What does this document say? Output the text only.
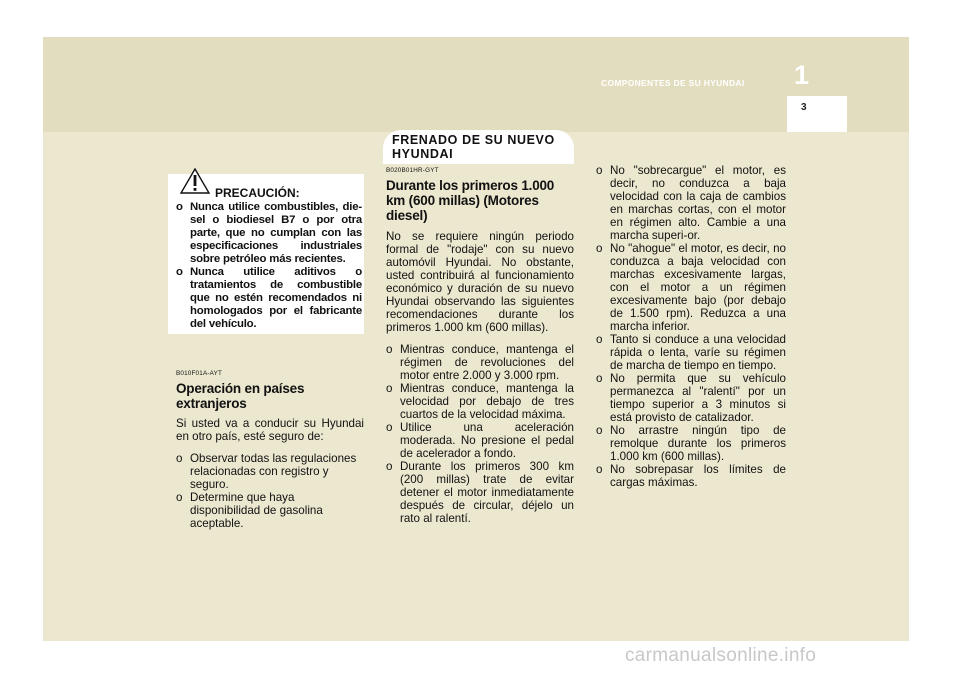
1
COMPONENTES DE SU HYUNDAI
3
FRENADO DE SU NUEVO HYUNDAI
PRECAUCIÓN:
o Nunca utilice combustibles, die-sel o biodiesel B7 o por otra parte, que no cumplan con las especificaciones industriales sobre petróleo más recientes.
o Nunca utilice aditivos o tratamientos de combustible que no estén recomendados ni homologados por el fabricante del vehículo.

B010F01A-AYT

Operación en países extranjeros

Si usted va a conducir su Hyundai en otro país, esté seguro de:

o Observar todas las regulaciones relacionadas con registro y seguro.
o Determine que haya disponibilidad de gasolina aceptable.

B020B01HR-GYT

Durante los primeros 1.000 km (600 millas) (Motores diesel)

No se requiere ningún periodo formal de "rodaje" con su nuevo automóvil Hyundai. No obstante, usted contribuirá al funcionamiento económico y duración de su nuevo Hyundai observando las siguientes recomendaciones durante los primeros 1.000 km (600 millas).

o Mientras conduce, mantenga el régimen de revoluciones del motor entre 2.000 y 3.000 rpm.
o Mientras conduce, mantenga la velocidad por debajo de tres cuartos de la velocidad máxima.
o Utilice una aceleración moderada. No presione el pedal de acelerador a fondo.
o Durante los primeros 300 km (200 millas) trate de evitar detener el motor inmediatamente después de circular, déjelo un rato al ralentí.
o No "sobrecargue" el motor, es decir, no conduzca a baja velocidad con la caja de cambios en marchas cortas, con el motor en régimen alto. Cambie a una marcha superi-or.
o No "ahogue" el motor, es decir, no conduzca a baja velocidad con marchas excesivamente largas, con el motor a un régimen excesivamente bajo (por debajo de 1.500 rpm). Reduzca a una marcha inferior.
o Tanto si conduce a una velocidad rápida o lenta, varíe su régimen de marcha de tiempo en tiempo.
o No permita que su vehículo permanezca al "ralentí" por un tiempo superior a 3 minutos si está provisto de catalizador.
o No arrastre ningún tipo de remolque durante los primeros 1.000 km (600 millas).
o No sobrepasar los límites de cargas máximas.
carmanualsonline.info
